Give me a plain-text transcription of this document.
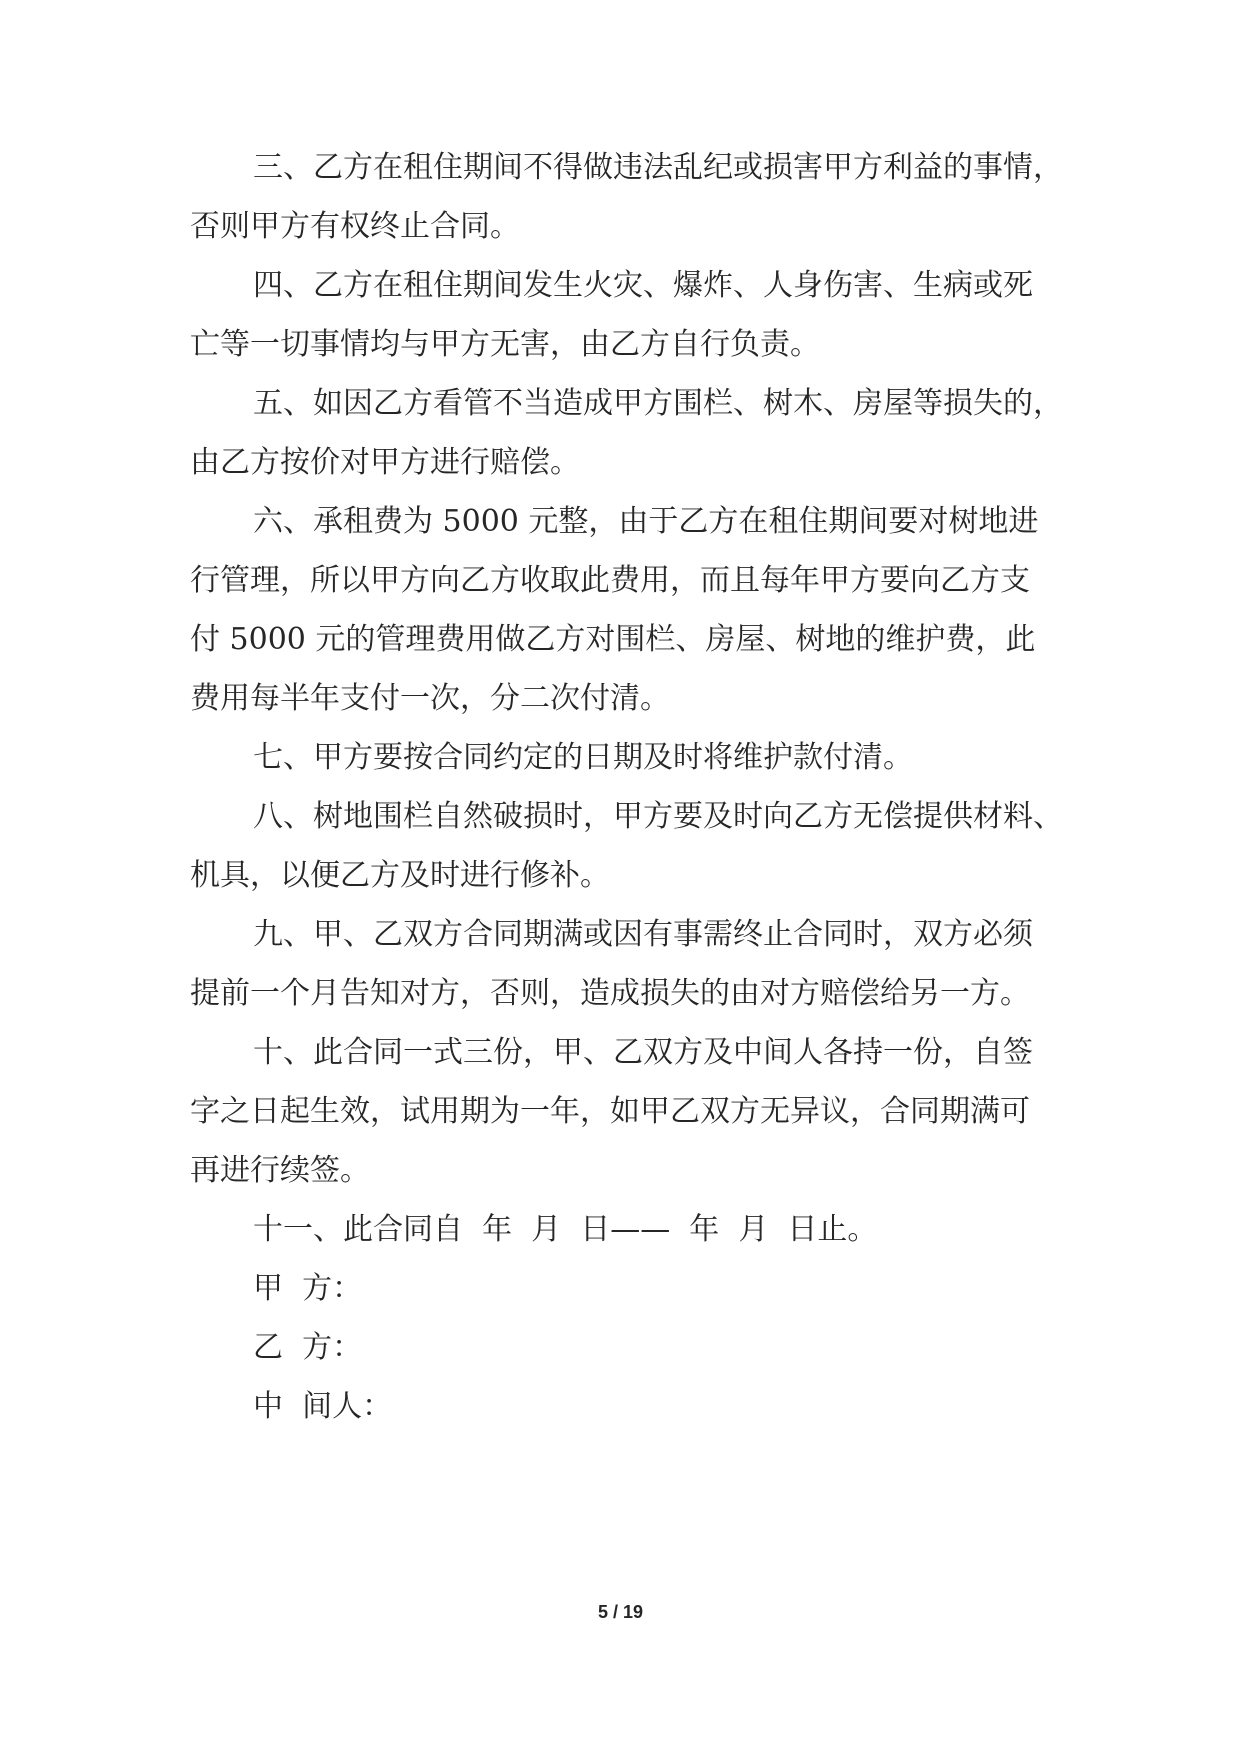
三、乙方在租住期间不得做违法乱纪或损害甲方利益的事情，

否则甲方有权终止合同。

四、乙方在租住期间发生火灾、爆炸、人身伤害、生病或死

亡等一切事情均与甲方无害，由乙方自行负责。

五、如因乙方看管不当造成甲方围栏、树木、房屋等损失的，

由乙方按价对甲方进行赔偿。

六、承租费为 5000 元整，由于乙方在租住期间要对树地进

行管理，所以甲方向乙方收取此费用，而且每年甲方要向乙方支

付 5000 元的管理费用做乙方对围栏、房屋、树地的维护费，此

费用每半年支付一次，分二次付清。

七、甲方要按合同约定的日期及时将维护款付清。

八、树地围栏自然破损时，甲方要及时向乙方无偿提供材料、

机具，以便乙方及时进行修补。

九、甲、乙双方合同期满或因有事需终止合同时，双方必须

提前一个月告知对方，否则，造成损失的由对方赔偿给另一方。

十、此合同一式三份，甲、乙双方及中间人各持一份，自签

字之日起生效，试用期为一年，如甲乙双方无异议，合同期满可

再进行续签。

十一、此合同自  年  月  日——  年  月  日止。

甲  方：

乙  方：

中  间人：

5 / 19
